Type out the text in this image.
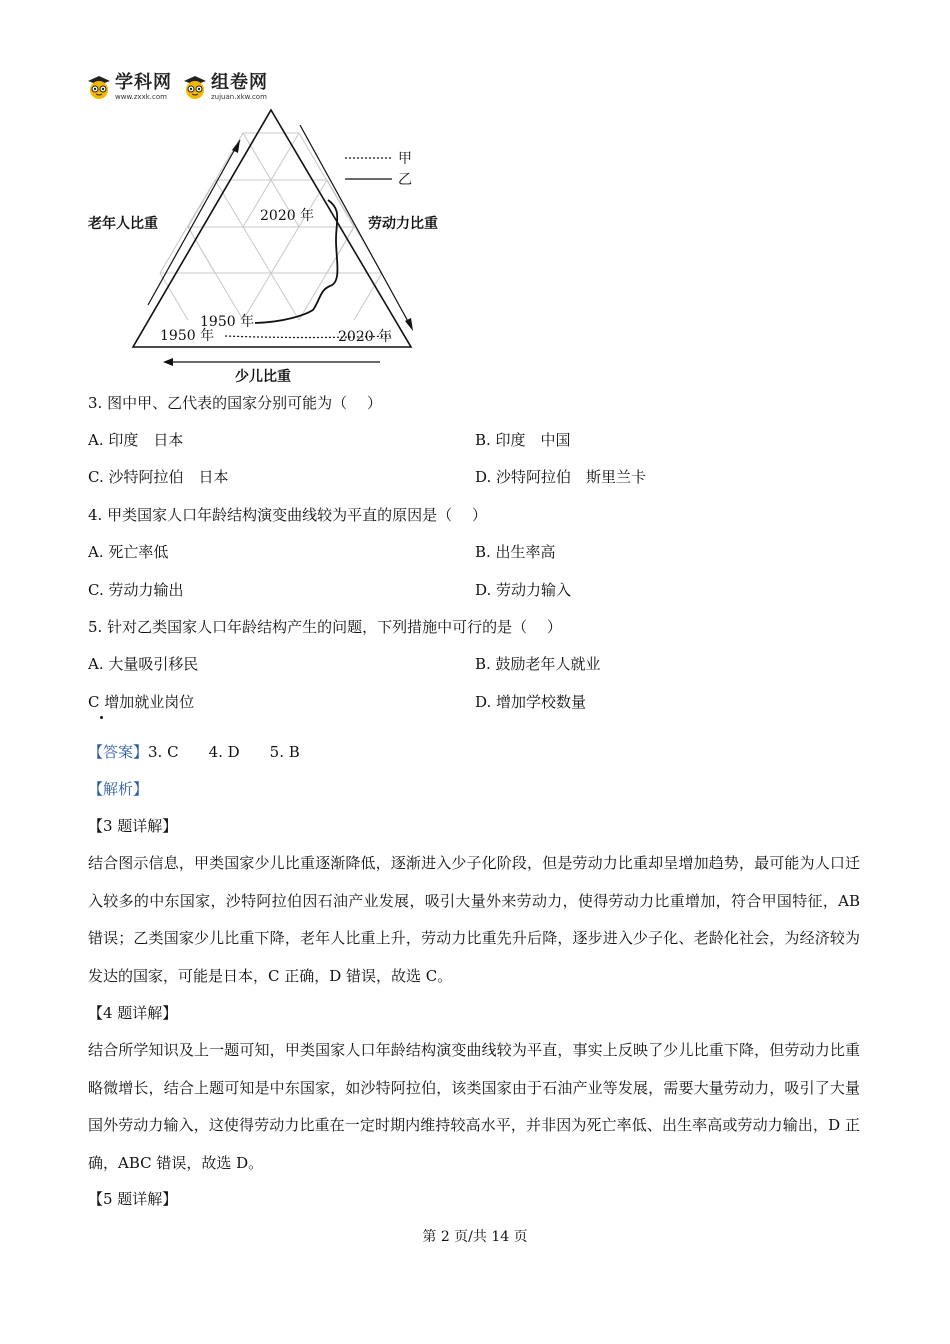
学科网
www.zxxk.com
组卷网
zujuan.xkw.com
甲
乙
老年人比重	劳动力比重
少儿比重
2020 年
1950 年
1950 年	2020 年
3. 图中甲、乙代表的国家分别可能为（　 ）
A. 印度　日本	B. 印度　中国
C. 沙特阿拉伯　日本	D. 沙特阿拉伯　斯里兰卡
4. 甲类国家人口年龄结构演变曲线较为平直的原因是（　 ）
A. 死亡率低	B. 出生率高
C. 劳动力输出	D. 劳动力输入
5. 针对乙类国家人口年龄结构产生的问题，下列措施中可行的是（　 ）
A. 大量吸引移民	B. 鼓励老年人就业
C 增加就业岗位	D. 增加学校数量
【答案】3. C　　4. D　　5. B
【解析】
【3 题详解】
结合图示信息，甲类国家少儿比重逐渐降低，逐渐进入少子化阶段，但是劳动力比重却呈增加趋势，最可能为人口迁入较多的中东国家，沙特阿拉伯因石油产业发展，吸引大量外来劳动力，使得劳动力比重增加，符合甲国特征，AB 错误；乙类国家少儿比重下降，老年人比重上升，劳动力比重先升后降，逐步进入少子化、老龄化社会，为经济较为发达的国家，可能是日本，C 正确，D 错误，故选 C。
【4 题详解】
结合所学知识及上一题可知，甲类国家人口年龄结构演变曲线较为平直，事实上反映了少儿比重下降，但劳动力比重略微增长，结合上题可知是中东国家，如沙特阿拉伯，该类国家由于石油产业等发展，需要大量劳动力，吸引了大量国外劳动力输入，这使得劳动力比重在一定时期内维持较高水平，并非因为死亡率低、出生率高或劳动力输出，D 正确，ABC 错误，故选 D。
【5 题详解】
第 2 页/共 14 页
